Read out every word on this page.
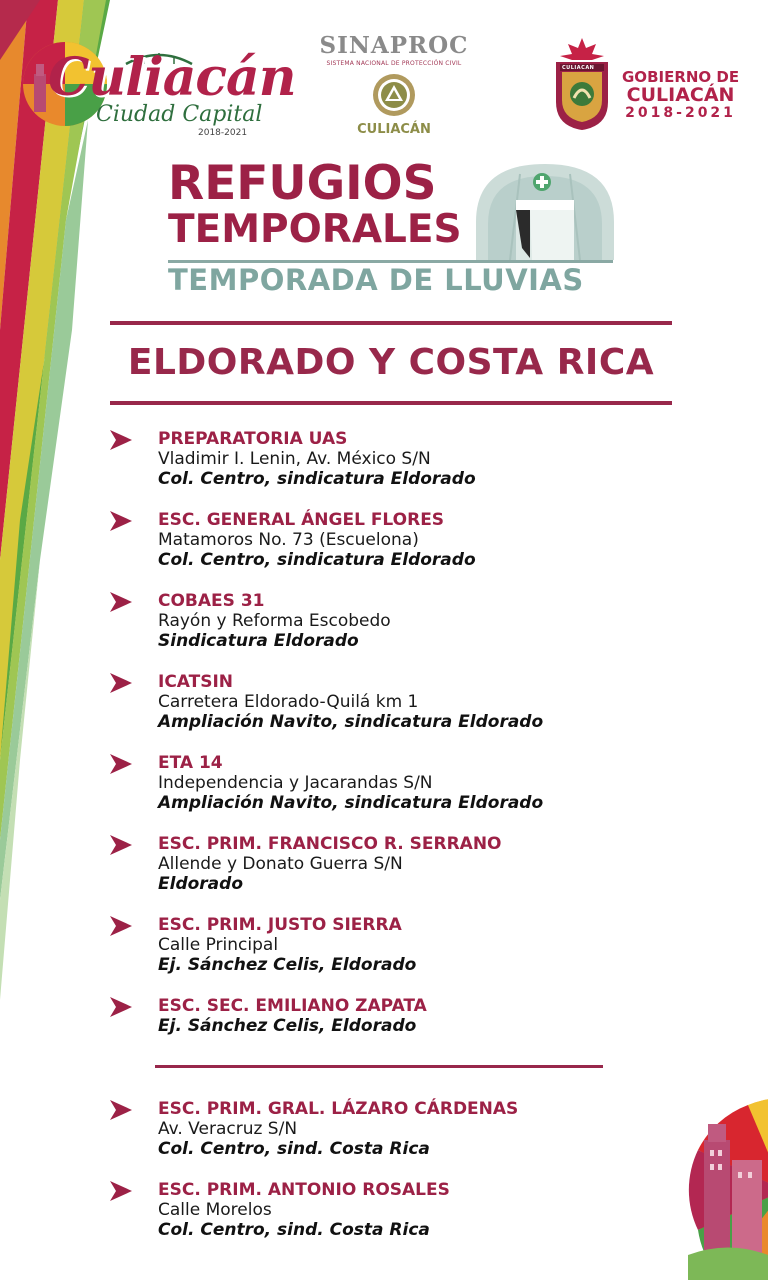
Culiacán
Ciudad Capital
2018-2021
SINAPROC
SISTEMA NACIONAL DE PROTECCIÓN CIVIL
CULIACÁN
CULIACAN GOBIERNO DE
CULIACÁN
2018-2021
REFUGIOS
TEMPORALES
TEMPORADA DE LLUVIAS
ELDORADO Y COSTA RICA
PREPARATORIA UAS
Vladimir I. Lenin, Av. México S/N
Col. Centro, sindicatura Eldorado
ESC. GENERAL ÁNGEL FLORES
Matamoros No. 73 (Escuelona)
Col. Centro, sindicatura Eldorado
COBAES 31
Rayón y Reforma Escobedo
Sindicatura Eldorado
ICATSIN
Carretera Eldorado-Quilá km 1
Ampliación Navito, sindicatura Eldorado
ETA 14
Independencia y Jacarandas S/N
Ampliación Navito, sindicatura Eldorado
ESC. PRIM. FRANCISCO R. SERRANO
Allende y Donato Guerra S/N
Eldorado
ESC. PRIM. JUSTO SIERRA
Calle Principal
Ej. Sánchez Celis, Eldorado
ESC. SEC. EMILIANO ZAPATA
Ej. Sánchez Celis, Eldorado
ESC. PRIM. GRAL. LÁZARO CÁRDENAS
Av. Veracruz S/N
Col. Centro, sind. Costa Rica
ESC. PRIM. ANTONIO ROSALES
Calle Morelos
Col. Centro, sind. Costa Rica
